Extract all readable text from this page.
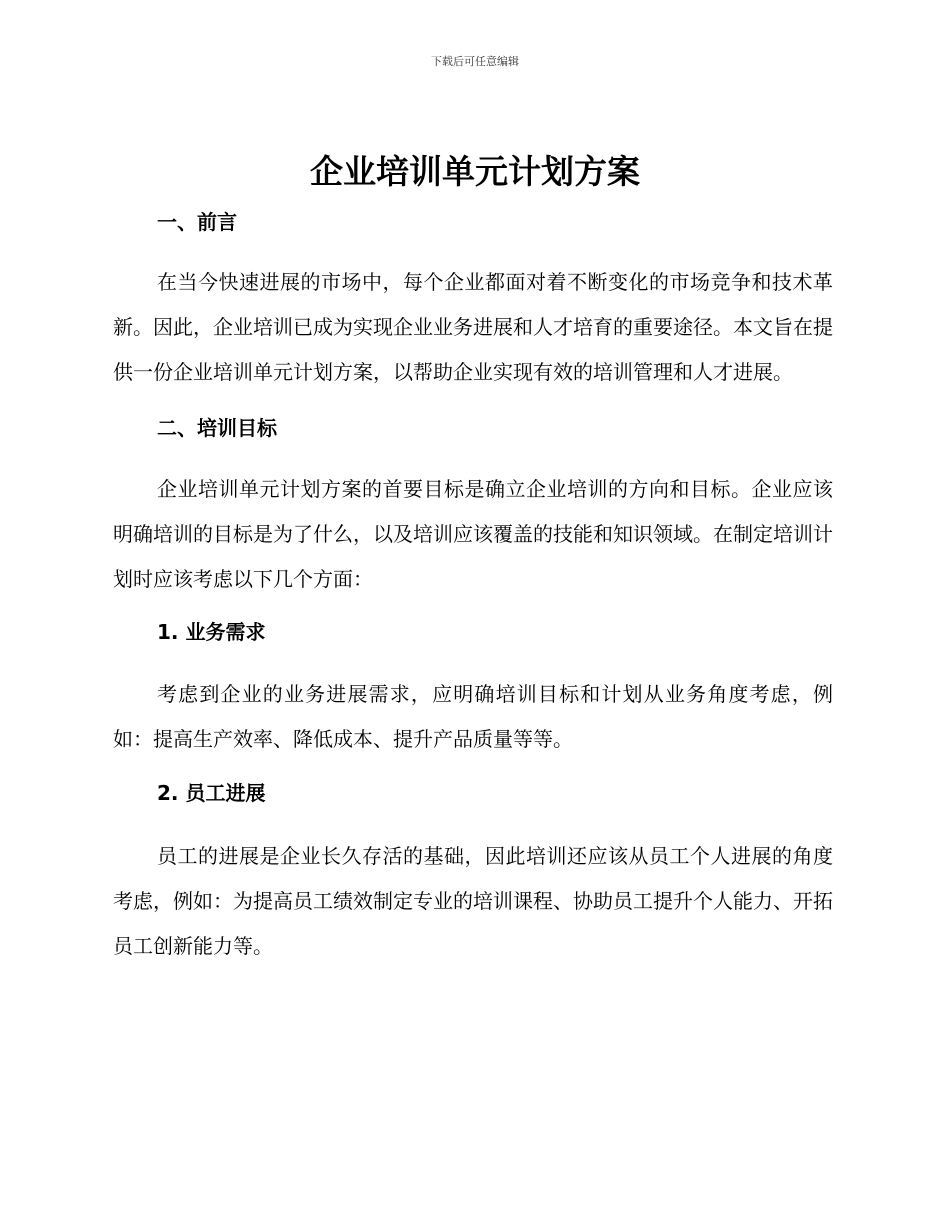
下载后可任意编辑
企业培训单元计划方案
一、前言

在当今快速进展的市场中，每个企业都面对着不断变化的市场竞争和技术革新。因此，企业培训已成为实现企业业务进展和人才培育的重要途径。本文旨在提供一份企业培训单元计划方案，以帮助企业实现有效的培训管理和人才进展。

二、培训目标

企业培训单元计划方案的首要目标是确立企业培训的方向和目标。企业应该明确培训的目标是为了什么，以及培训应该覆盖的技能和知识领域。在制定培训计划时应该考虑以下几个方面：

1. 业务需求

考虑到企业的业务进展需求，应明确培训目标和计划从业务角度考虑，例如：提高生产效率、降低成本、提升产品质量等等。

2. 员工进展

员工的进展是企业长久存活的基础，因此培训还应该从员工个人进展的角度考虑，例如：为提高员工绩效制定专业的培训课程、协助员工提升个人能力、开拓员工创新能力等。
